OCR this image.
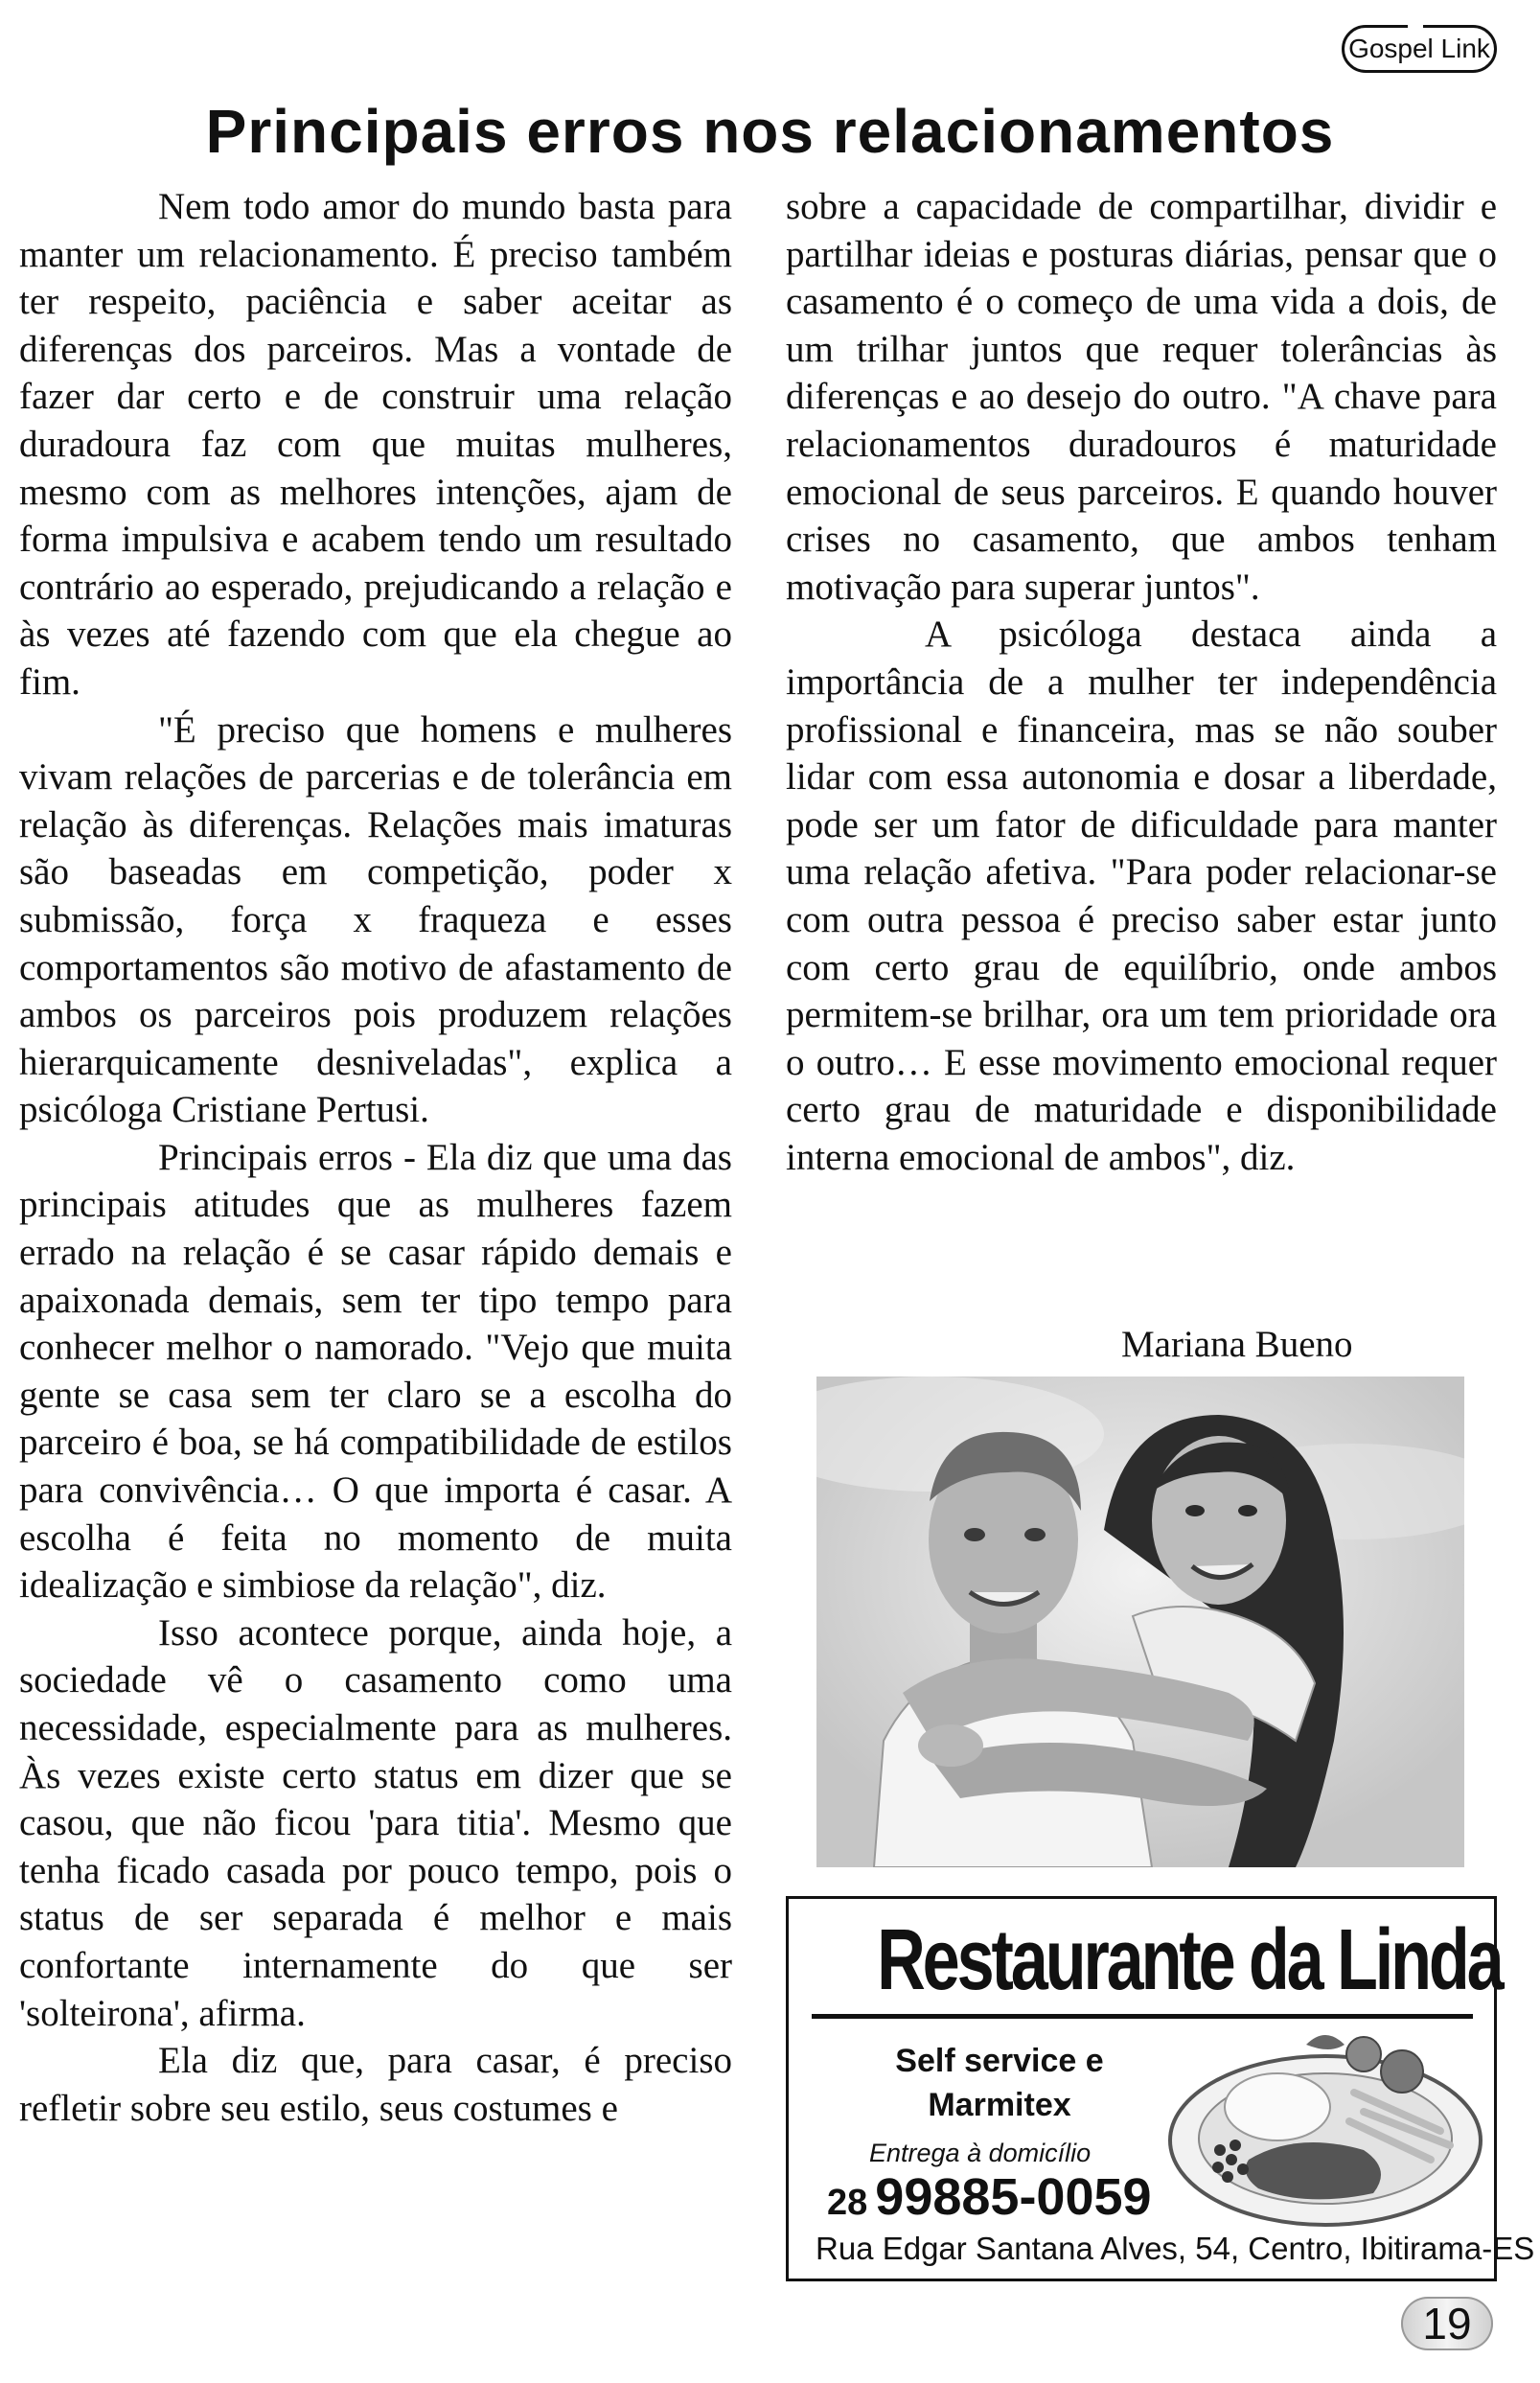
Gospel Link
Principais erros nos relacionamentos

Nem todo amor do mundo basta para manter um relacionamento. É preciso também ter respeito, paciência e saber aceitar as diferenças dos parceiros. Mas a vontade de fazer dar certo e de construir uma relação duradoura faz com que muitas mulheres, mesmo com as melhores intenções, ajam de forma impulsiva e acabem tendo um resultado contrário ao esperado, prejudicando a relação e às vezes até fazendo com que ela chegue ao fim.

"É preciso que homens e mulheres vivam relações de parcerias e de tolerância em relação às diferenças. Relações mais imaturas são baseadas em competição, poder x submissão, força x fraqueza e esses comportamentos são motivo de afastamento de ambos os parceiros pois produzem relações hierarquicamente desniveladas", explica a psicóloga Cristiane Pertusi.

Principais erros - Ela diz que uma das principais atitudes que as mulheres fazem errado na relação é se casar rápido demais e apaixonada demais, sem ter tipo tempo para conhecer melhor o namorado. "Vejo que muita gente se casa sem ter claro se a escolha do parceiro é boa, se há compatibilidade de estilos para convivência… O que importa é casar. A escolha é feita no momento de muita idealização e simbiose da relação", diz.

Isso acontece porque, ainda hoje, a sociedade vê o casamento como uma necessidade, especialmente para as mulheres. Às vezes existe certo status em dizer que se casou, que não ficou 'para titia'. Mesmo que tenha ficado casada por pouco tempo, pois o status de ser separada é melhor e mais confortante internamente do que ser 'solteirona', afirma.

Ela diz que, para casar, é preciso refletir sobre seu estilo, seus costumes e

sobre a capacidade de compartilhar, dividir e partilhar ideias e posturas diárias, pensar que o casamento é o começo de uma vida a dois, de um trilhar juntos que requer tolerâncias às diferenças e ao desejo do outro. "A chave para relacionamentos duradouros é maturidade emocional de seus parceiros. E quando houver crises no casamento, que ambos tenham motivação para superar juntos".

A psicóloga destaca ainda a importância de a mulher ter independência profissional e financeira, mas se não souber lidar com essa autonomia e dosar a liberdade, pode ser um fator de dificuldade para manter uma relação afetiva. "Para poder relacionar-se com outra pessoa é preciso saber estar junto com certo grau de equilíbrio, onde ambos permitem-se brilhar, ora um tem prioridade ora o outro… E esse movimento emocional requer certo grau de maturidade e disponibilidade interna emocional de ambos", diz.

Mariana Bueno
Restaurante da Linda
Self service e
Marmitex
Entrega à domicílio
28 99885-0059
Rua Edgar Santana Alves, 54, Centro, Ibitirama-ES
19
